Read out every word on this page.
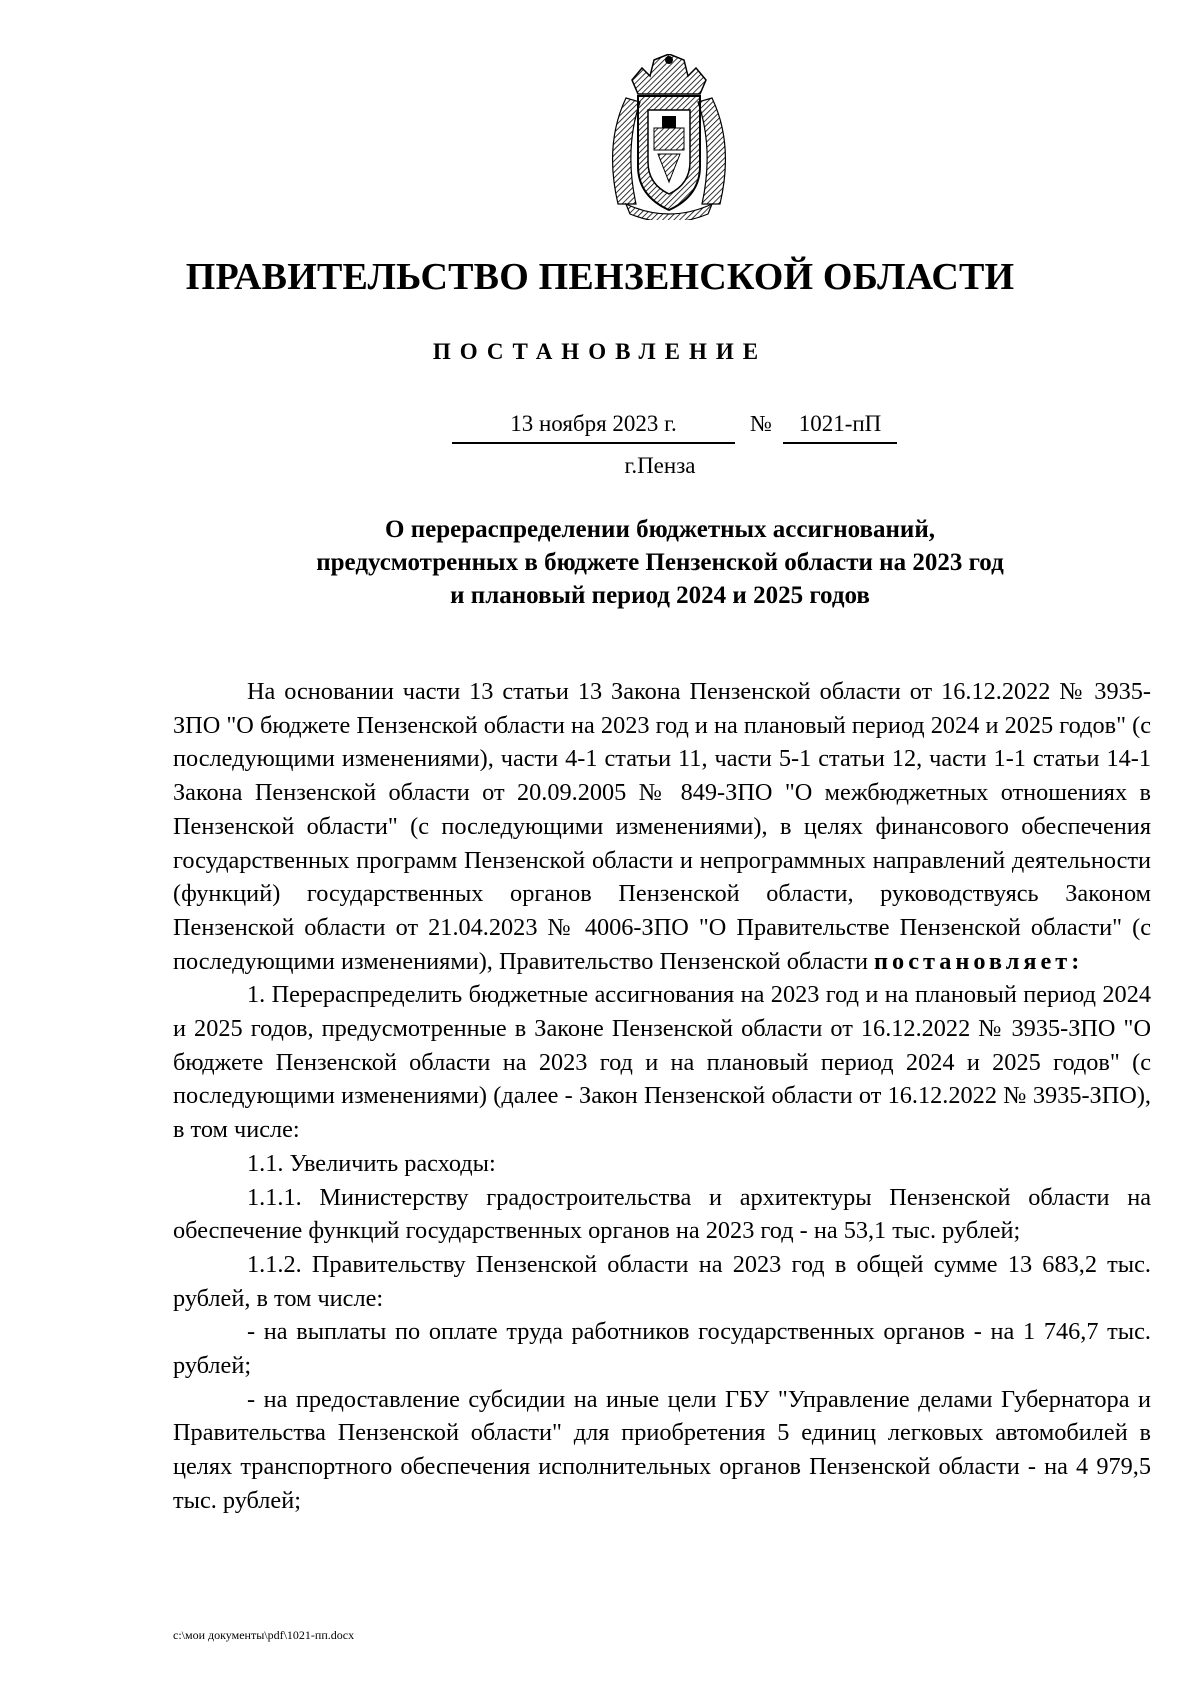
ПРАВИТЕЛЬСТВО ПЕНЗЕНСКОЙ ОБЛАСТИ
ПОСТАНОВЛЕНИЕ
13 ноября 2023 г.	№	1021-пП
г.Пенза
О перераспределении бюджетных ассигнований,
предусмотренных в бюджете Пензенской области на 2023 год
и плановый период 2024 и 2025 годов

На основании части 13 статьи 13 Закона Пензенской области от 16.12.2022 № 3935-ЗПО "О бюджете Пензенской области на 2023 год и на плановый период 2024 и 2025 годов" (с последующими изменениями), части 4-1 статьи 11, части 5-1 статьи 12, части 1-1 статьи 14-1 Закона Пензенской области от 20.09.2005 № 849-ЗПО "О межбюджетных отношениях в Пензенской области" (с последующими изменениями), в целях финансового обеспечения государственных программ Пензенской области и непрограммных направлений деятельности (функций) государственных органов Пензенской области, руководствуясь Законом Пензенской области от 21.04.2023 № 4006-ЗПО "О Правительстве Пензенской области" (с последующими изменениями), Правительство Пензенской области постановляет:

1. Перераспределить бюджетные ассигнования на 2023 год и на плановый период 2024 и 2025 годов, предусмотренные в Законе Пензенской области от 16.12.2022 № 3935-ЗПО "О бюджете Пензенской области на 2023 год и на плановый период 2024 и 2025 годов" (с последующими изменениями) (далее - Закон Пензенской области от 16.12.2022 № 3935-ЗПО), в том числе:

1.1. Увеличить расходы:

1.1.1. Министерству градостроительства и архитектуры Пензенской области на обеспечение функций государственных органов на 2023 год - на 53,1 тыс. рублей;

1.1.2. Правительству Пензенской области на 2023 год в общей сумме 13 683,2 тыс. рублей, в том числе:

- на выплаты по оплате труда работников государственных органов - на 1 746,7 тыс. рублей;

- на предоставление субсидии на иные цели ГБУ "Управление делами Губернатора и Правительства Пензенской области" для приобретения 5 единиц легковых автомобилей в целях транспортного обеспечения исполнительных органов Пензенской области - на 4 979,5 тыс. рублей;

c:\мои документы\pdf\1021-пп.docx
